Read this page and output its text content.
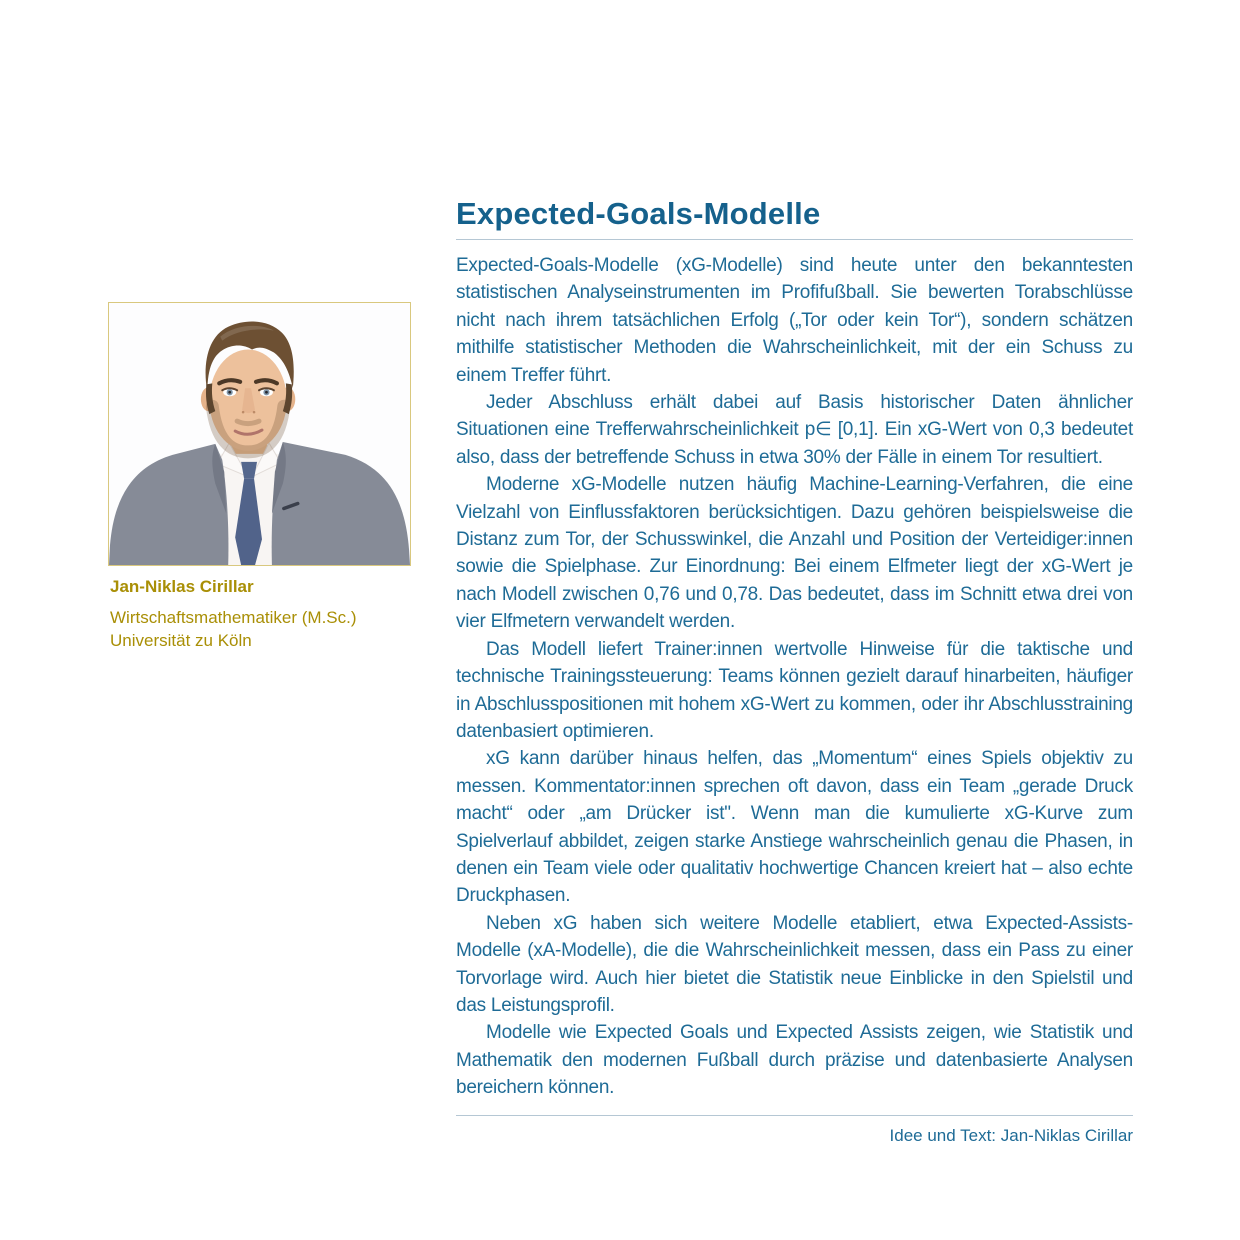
Jan-Niklas Cirillar

Wirtschaftsmathematiker (M.Sc.)
Universität zu Köln
Expected-Goals-Modelle

Expected-Goals-Modelle (xG-Modelle) sind heute unter den bekanntesten statistischen Analyseinstrumenten im Profifußball. Sie bewerten Torabschlüsse nicht nach ihrem tatsächlichen Erfolg („Tor oder kein Tor“), sondern schätzen mithilfe statistischer Methoden die Wahrscheinlichkeit, mit der ein Schuss zu einem Treffer führt.

Jeder Abschluss erhält dabei auf Basis historischer Daten ähnlicher Situationen eine Trefferwahrscheinlichkeit p∈ [0,1]. Ein xG-Wert von 0,3 bedeutet also, dass der betreffende Schuss in etwa 30% der Fälle in einem Tor resultiert.

Moderne xG-Modelle nutzen häufig Machine-Learning-Verfahren, die eine Vielzahl von Einflussfaktoren berücksichtigen. Dazu gehören beispielsweise die Distanz zum Tor, der Schusswinkel, die Anzahl und Position der Verteidiger:innen sowie die Spielphase. Zur Einordnung: Bei einem Elfmeter liegt der xG-Wert je nach Modell zwischen 0,76 und 0,78. Das bedeutet, dass im Schnitt etwa drei von vier Elfmetern verwandelt werden.

Das Modell liefert Trainer:innen wertvolle Hinweise für die taktische und technische Trainingssteuerung: Teams können gezielt darauf hinarbeiten, häufiger in Abschlusspositionen mit hohem xG-Wert zu kommen, oder ihr Abschlusstraining datenbasiert optimieren.

xG kann darüber hinaus helfen, das „Momentum“ eines Spiels objektiv zu messen. Kommentator:innen sprechen oft davon, dass ein Team „gerade Druck macht“ oder „am Drücker ist". Wenn man die kumulierte xG-Kurve zum Spielverlauf abbildet, zeigen starke Anstiege wahrscheinlich genau die Phasen, in denen ein Team viele oder qualitativ hochwertige Chancen kreiert hat – also echte Druckphasen.

Neben xG haben sich weitere Modelle etabliert, etwa Expected-Assists-Modelle (xA-Modelle), die die Wahrscheinlichkeit messen, dass ein Pass zu einer Torvorlage wird. Auch hier bietet die Statistik neue Einblicke in den Spielstil und das Leistungsprofil.

Modelle wie Expected Goals und Expected Assists zeigen, wie Statistik und Mathematik den modernen Fußball durch präzise und datenbasierte Analysen bereichern können.

Idee und Text: Jan-Niklas Cirillar
